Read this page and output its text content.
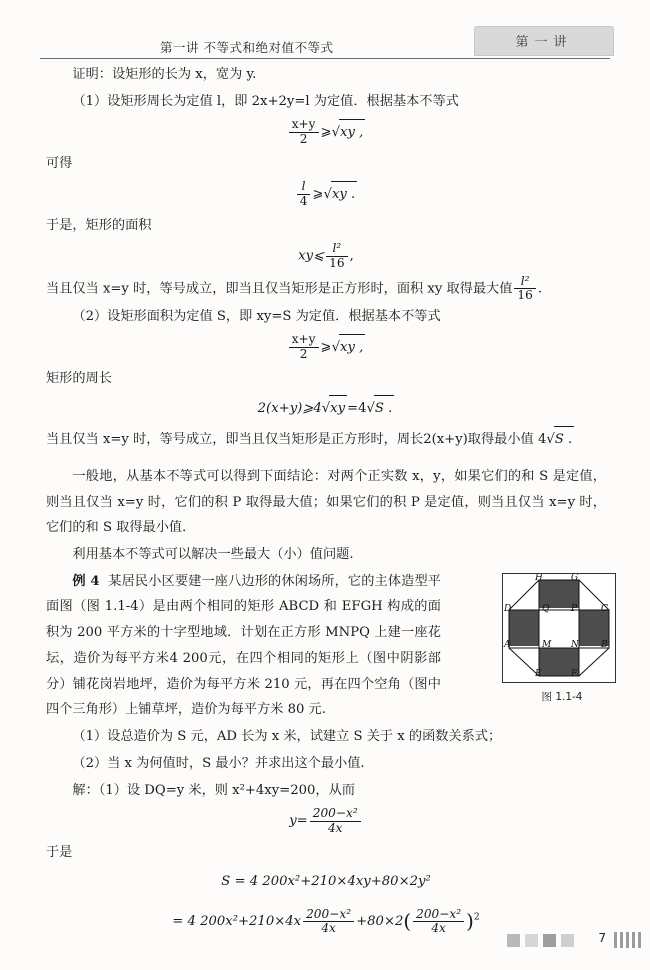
第一讲 不等式和绝对值不等式	第一讲

证明：设矩形的长为 x，宽为 y.

（1）设矩形周长为定值 l，即 2x+2y=l 为定值．根据基本不等式

$\frac{x+y}{2}$ ⩾√xy ,

可得

$\frac{l}{4}$ ⩾√xy .

于是，矩形的面积

xy⩽ $\frac{\text{l²}}{16}$ ,

当且仅当 x=y 时，等号成立，即当且仅当矩形是正方形时，面积 xy 取得最大值 $\frac{\text{l²}}{16}$ .

（2）设矩形面积为定值 S，即 xy=S 为定值．根据基本不等式

$\frac{x+y}{2}$ ⩾√xy ,

矩形的周长

2(x+y)⩾4√xy =4√S .

当且仅当 x=y 时，等号成立，即当且仅当矩形是正方形时，周长2(x+y)取得最小值 4√S .

一般地，从基本不等式可以得到下面结论：对两个正实数 x，y，如果它们的和 S 是定值，则当且仅当 x=y 时，它们的积 P 取得最大值；如果它们的积 P 是定值，则当且仅当 x=y 时，它们的和 S 取得最小值．

利用基本不等式可以解决一些最大（小）值问题.

例 4 某居民小区要建一座八边形的休闲场所，它的主体造型平面图（图 1.1-4）是由两个相同的矩形 ABCD 和 EFGH 构成的面积为 200 平方米的十字型地域．计划在正方形 MNPQ 上建一座花坛，造价为每平方米4 200元，在四个相同的矩形上（图中阴影部分）铺花岗岩地坪，造价为每平方米 210 元，再在四个空角（图中四个三角形）上铺草坪，造价为每平方米 80 元.

（1）设总造价为 S 元，AD 长为 x 米，试建立 S 关于 x 的函数关系式；

（2）当 x 为何值时，S 最小？并求出这个最小值.

解：（1）设 DQ=y 米，则 x²+4xy=200，从而

$y= \frac{\text{200−x²}}{4x}$

于是

S = 4 200x²+210×4xy+80×2y²
= 4 $200x^2+210\times 4x \frac{\text{200−x²}}{4x} +80\times 2( \frac{\text{200−x²}}{4x} )^2$
H	G
D	Q P	C
A	M N B
E	F
图 1.1-4
7
